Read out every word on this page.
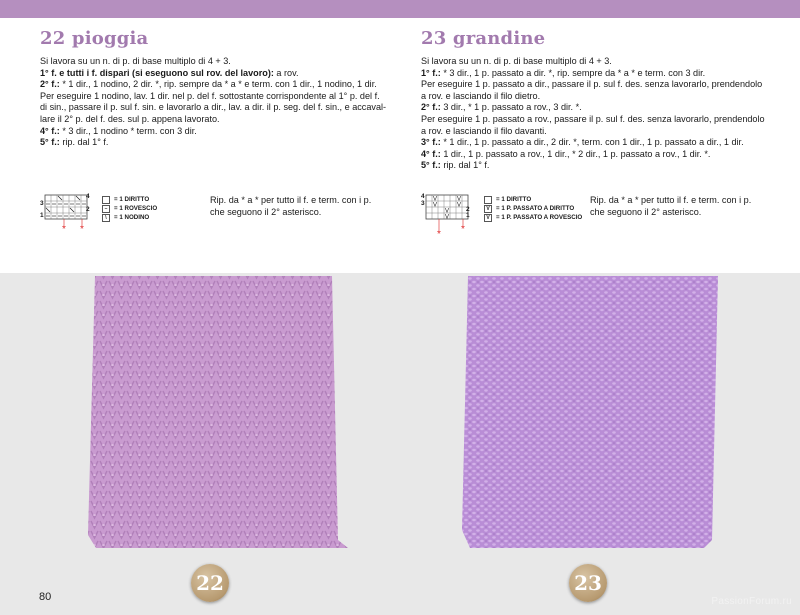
22 pioggia

Si lavora su un n. di p. di base multiplo di 4 + 3.

1° f. e tutti i f. dispari (si eseguono sul rov. del lavoro): a rov.

2° f.: * 1 dir., 1 nodino, 2 dir. *, rip. sempre da * a * e term. con 1 dir., 1 nodino, 1 dir.

Per eseguire 1 nodino, lav. 1 dir. nel p. del f. sottostante corrispondente al 1° p. del f.

di sin., passare il p. sul f. sin. e lavorarlo a dir., lav. a dir. il p. seg. del f. sin., e accaval-

lare il 2° p. del f. des. sul p. appena lavorato.

4° f.: * 3 dir., 1 nodino * term. con 3 dir.

5° f.: rip. dal 1° f.

* *
4
3
2
1
= 1 DIRITTO
–	= 1 ROVESCIO
\	= 1 NODINO
Rip. da * a * per tutto il f. e term. con i p.
che seguono il 2° asterisco.
23 grandine

Si lavora su un n. di p. di base multiplo di 4 + 3.

1° f.: * 3 dir., 1 p. passato a dir. *, rip. sempre da * a * e term. con 3 dir.

Per eseguire 1 p. passato a dir., passare il p. sul f. des. senza lavorarlo, prendendolo

a rov. e lasciando il filo dietro.

2° f.: 3 dir., * 1 p. passato a rov., 3 dir. *.

Per eseguire 1 p. passato a rov., passare il p. sul f. des. senza lavorarlo, prendendolo

a rov. e lasciando il filo davanti.

3° f.: * 1 dir., 1 p. passato a dir., 2 dir. *, term. con 1 dir., 1 p. passato a dir., 1 dir.

4° f.: 1 dir., 1 p. passato a rov., 1 dir., * 2 dir., 1 p. passato a rov., 1 dir. *.

5° f.: rip. dal 1° f.

V	V
V	V
V
V
* *
4
3
2
1
= 1 DIRITTO
V	= 1 P. PASSATO A DIRITTO
V	= 1 P. PASSATO A ROVESCIO
Rip. da * a * per tutto il f. e term. con i p.
che seguono il 2° asterisco.
22	23
80	PassionForum.ru
